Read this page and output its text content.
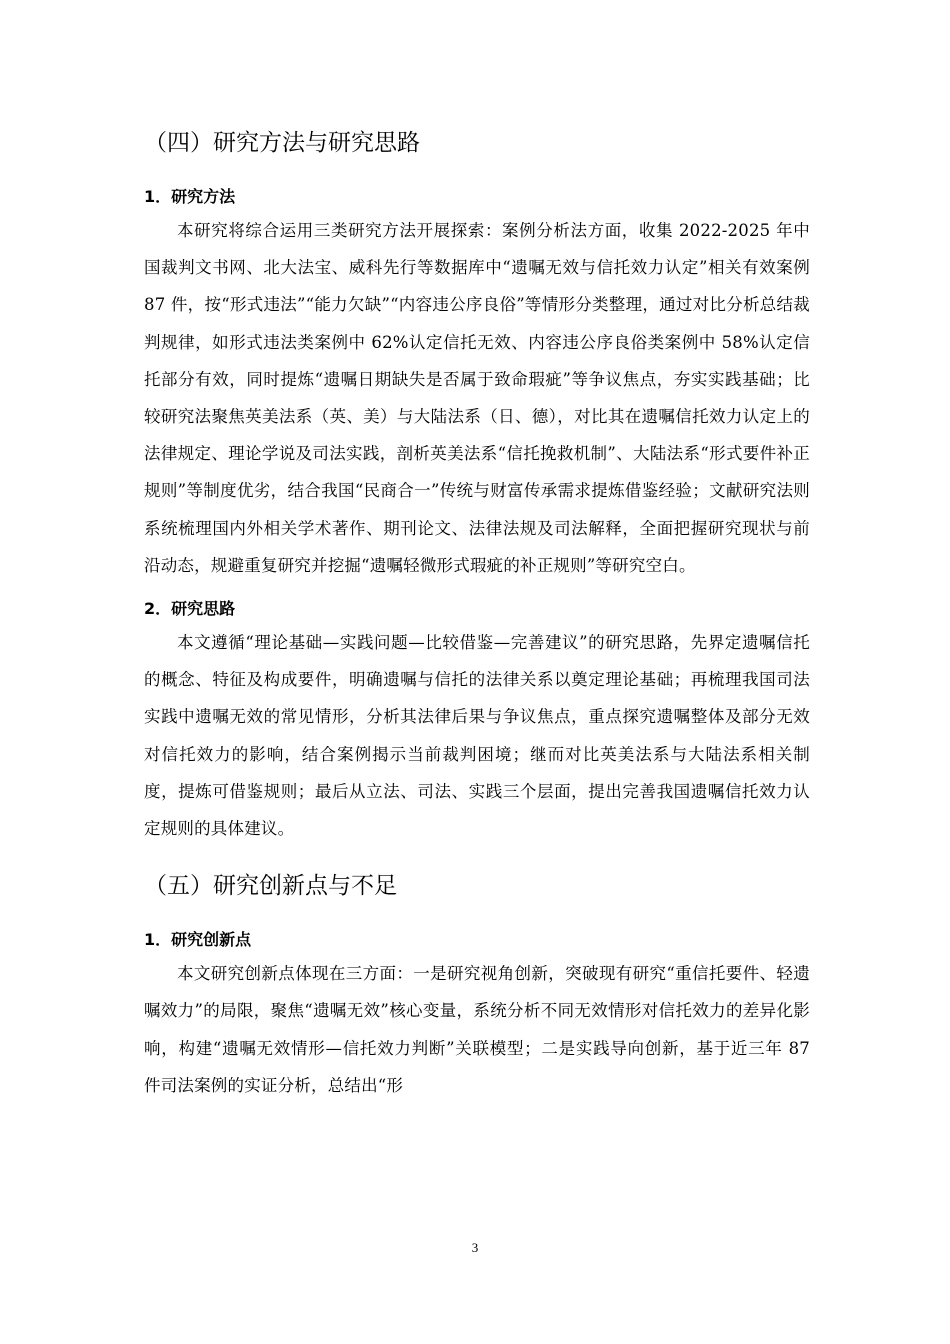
（四）研究方法与研究思路

1．研究方法

本研究将综合运用三类研究方法开展探索：案例分析法方面，收集 2022-2025 年中国裁判文书网、北大法宝、威科先行等数据库中“遗嘱无效与信托效力认定”相关有效案例 87 件，按“形式违法”“能力欠缺”“内容违公序良俗”等情形分类整理，通过对比分析总结裁判规律，如形式违法类案例中 62%认定信托无效、内容违公序良俗类案例中 58%认定信托部分有效，同时提炼“遗嘱日期缺失是否属于致命瑕疵”等争议焦点，夯实实践基础；比较研究法聚焦英美法系（英、美）与大陆法系（日、德），对比其在遗嘱信托效力认定上的法律规定、理论学说及司法实践，剖析英美法系“信托挽救机制”、大陆法系“形式要件补正规则”等制度优劣，结合我国“民商合一”传统与财富传承需求提炼借鉴经验；文献研究法则系统梳理国内外相关学术著作、期刊论文、法律法规及司法解释，全面把握研究现状与前沿动态，规避重复研究并挖掘“遗嘱轻微形式瑕疵的补正规则”等研究空白。

2．研究思路

本文遵循“理论基础—实践问题—比较借鉴—完善建议”的研究思路，先界定遗嘱信托的概念、特征及构成要件，明确遗嘱与信托的法律关系以奠定理论基础；再梳理我国司法实践中遗嘱无效的常见情形，分析其法律后果与争议焦点，重点探究遗嘱整体及部分无效对信托效力的影响，结合案例揭示当前裁判困境；继而对比英美法系与大陆法系相关制度，提炼可借鉴规则；最后从立法、司法、实践三个层面，提出完善我国遗嘱信托效力认定规则的具体建议。

（五）研究创新点与不足

1．研究创新点

本文研究创新点体现在三方面：一是研究视角创新，突破现有研究“重信托要件、轻遗嘱效力”的局限，聚焦“遗嘱无效”核心变量，系统分析不同无效情形对信托效力的差异化影响，构建“遗嘱无效情形—信托效力判断”关联模型；二是实践导向创新，基于近三年 87 件司法案例的实证分析，总结出“形

3
